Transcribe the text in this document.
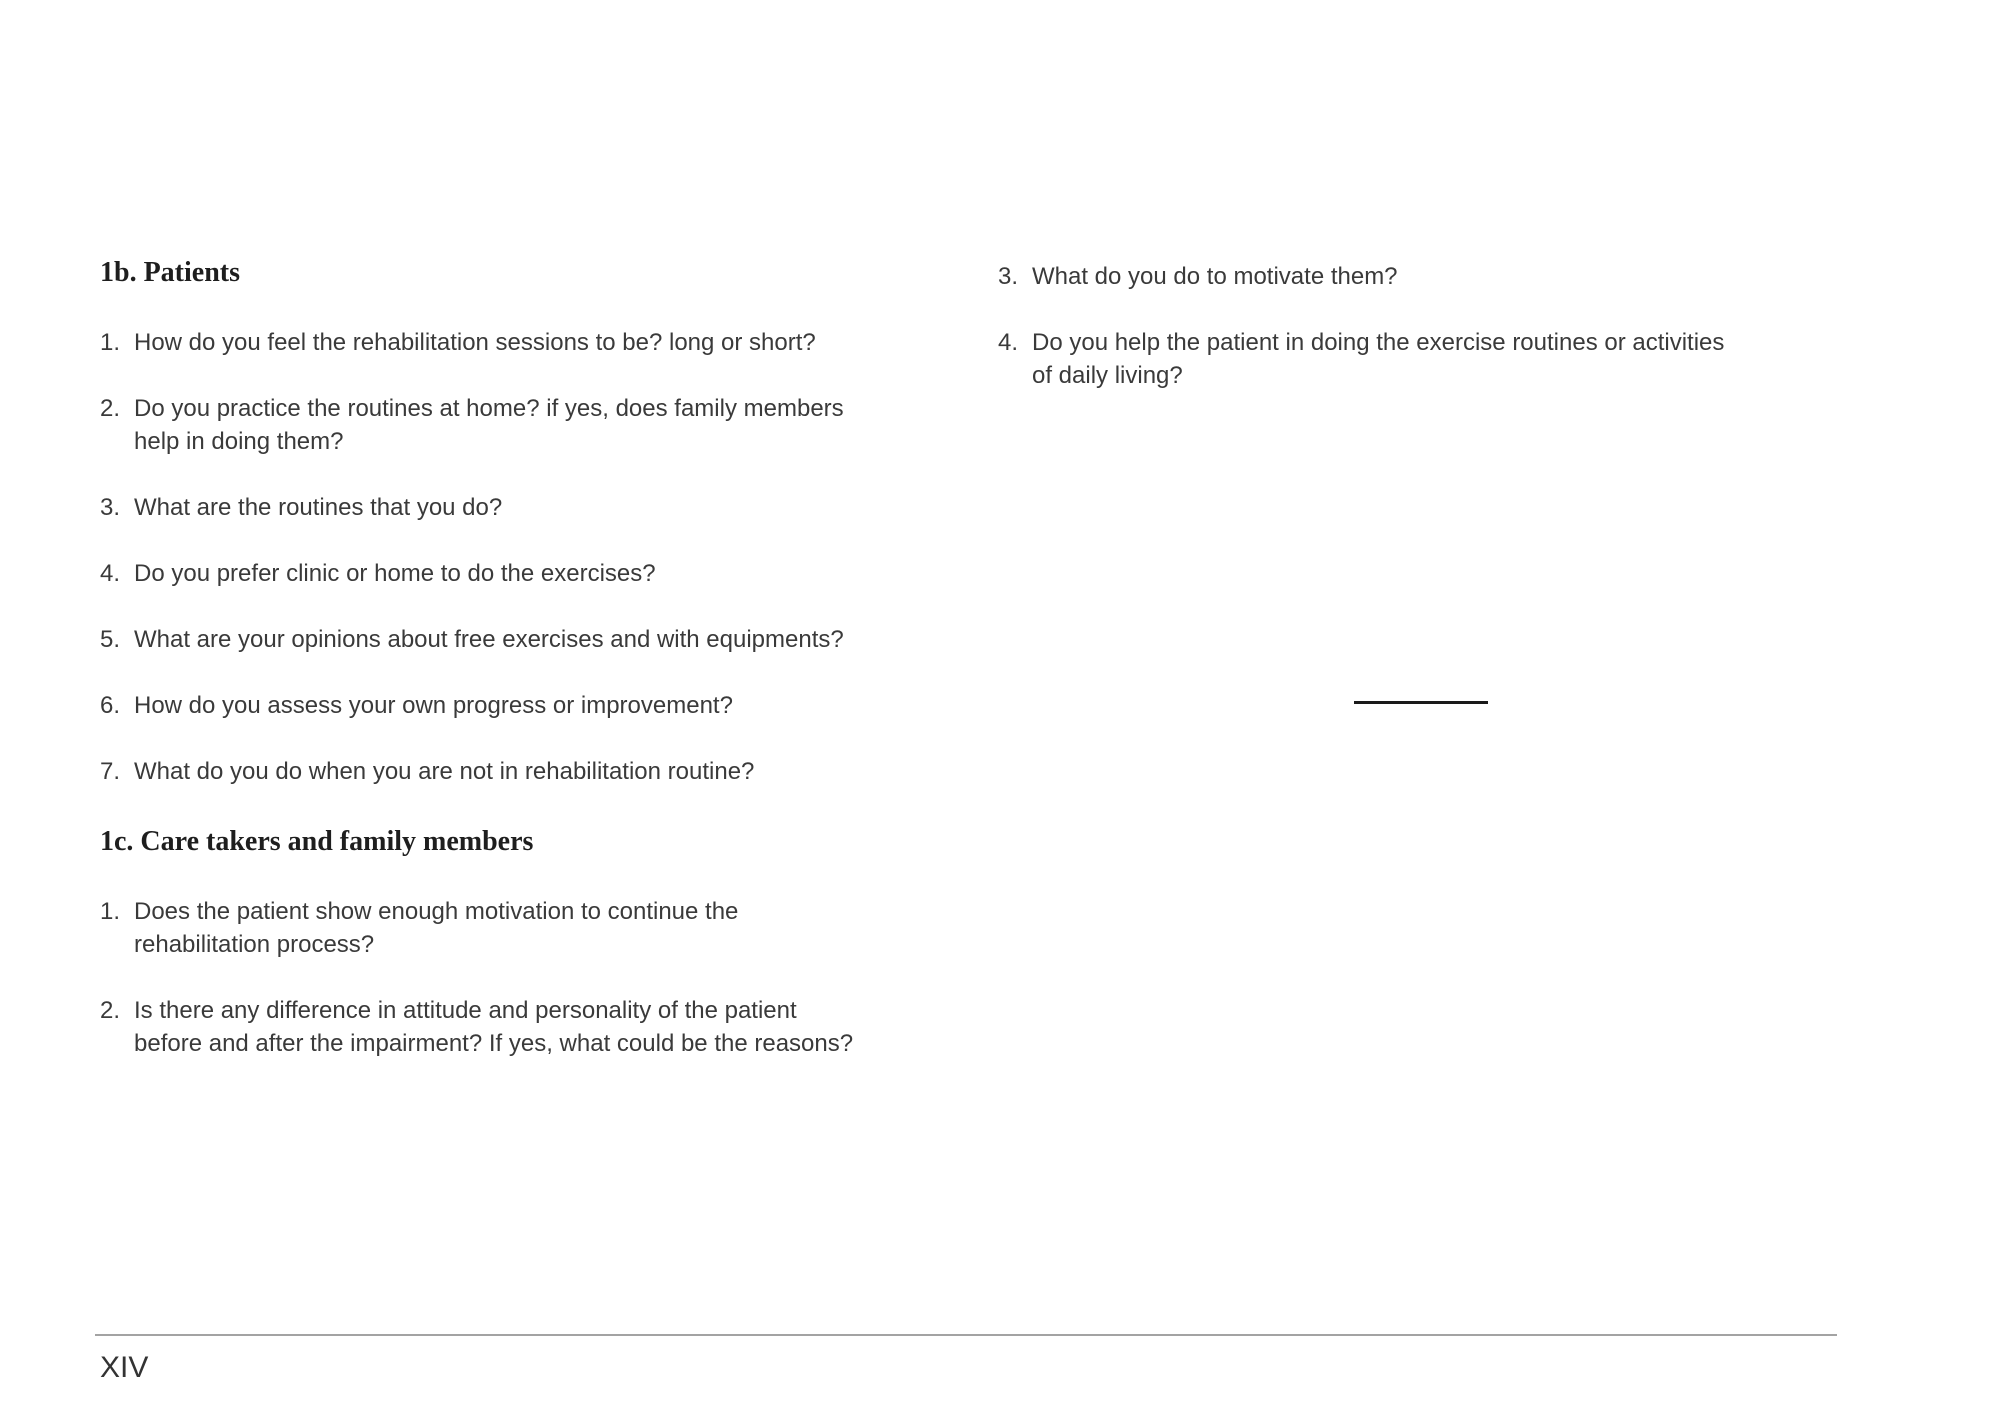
1b. Patients
1. How do you feel the rehabilitation sessions to be? long or short?
2. Do you practice the routines at home? if yes, does family members help in doing them?
3. What are the routines that you do?
4. Do you prefer clinic or home to do the exercises?
5. What are your opinions about free exercises and with equipments?
6. How do you assess your own progress or improvement?
7. What do you do when you are not in rehabilitation routine?
1c. Care takers and family members
1. Does the patient show enough motivation to continue the rehabilitation process?
2. Is there any difference in attitude and personality of the patient before and after the impairment? If yes, what could be the reasons?
3. What do you do to motivate them?
4. Do you help the patient in doing the exercise routines or activities of daily living?
XIV
